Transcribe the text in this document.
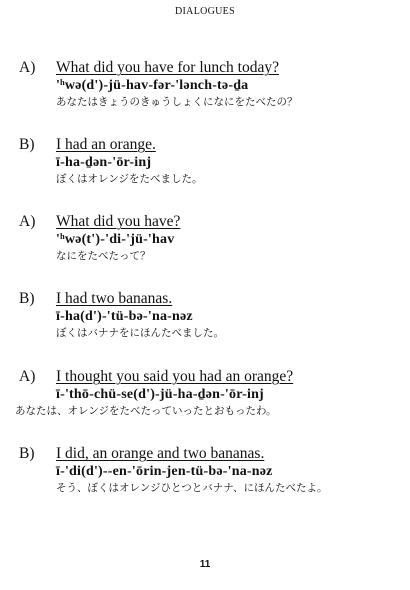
DIALOGUES
A) What did you have for lunch today?
'ʰwə(d')-jü-hav-fər-'lənch-tə-ḏa
あなたはきょうのきゅうしょくになにをたべたの？
B) I had an orange.
ī-ha-ḏən-'ōr-inj
ぼくはオレンジをたべました。
A) What did you have?
'ʰwə(t')-'di-'jü-'hav
なにをたべたって？
B) I had two bananas.
ī-ha(d')-'tü-bə-'na-nəz
ぼくはバナナをにほんたべました。
A) I thought you said you had an orange?
ī-'thō-chü-se(d')-jü-ha-ḏən-'ōr-inj
あなたは、オレンジをたべたっていったとおもったわ。
B) I did, an orange and two bananas.
ī-'di(d')--en-'ōrin-jen-tü-bə-'na-nəz
そう、ぼくはオレンジひとつとバナナ、にほんたべたよ。
11
